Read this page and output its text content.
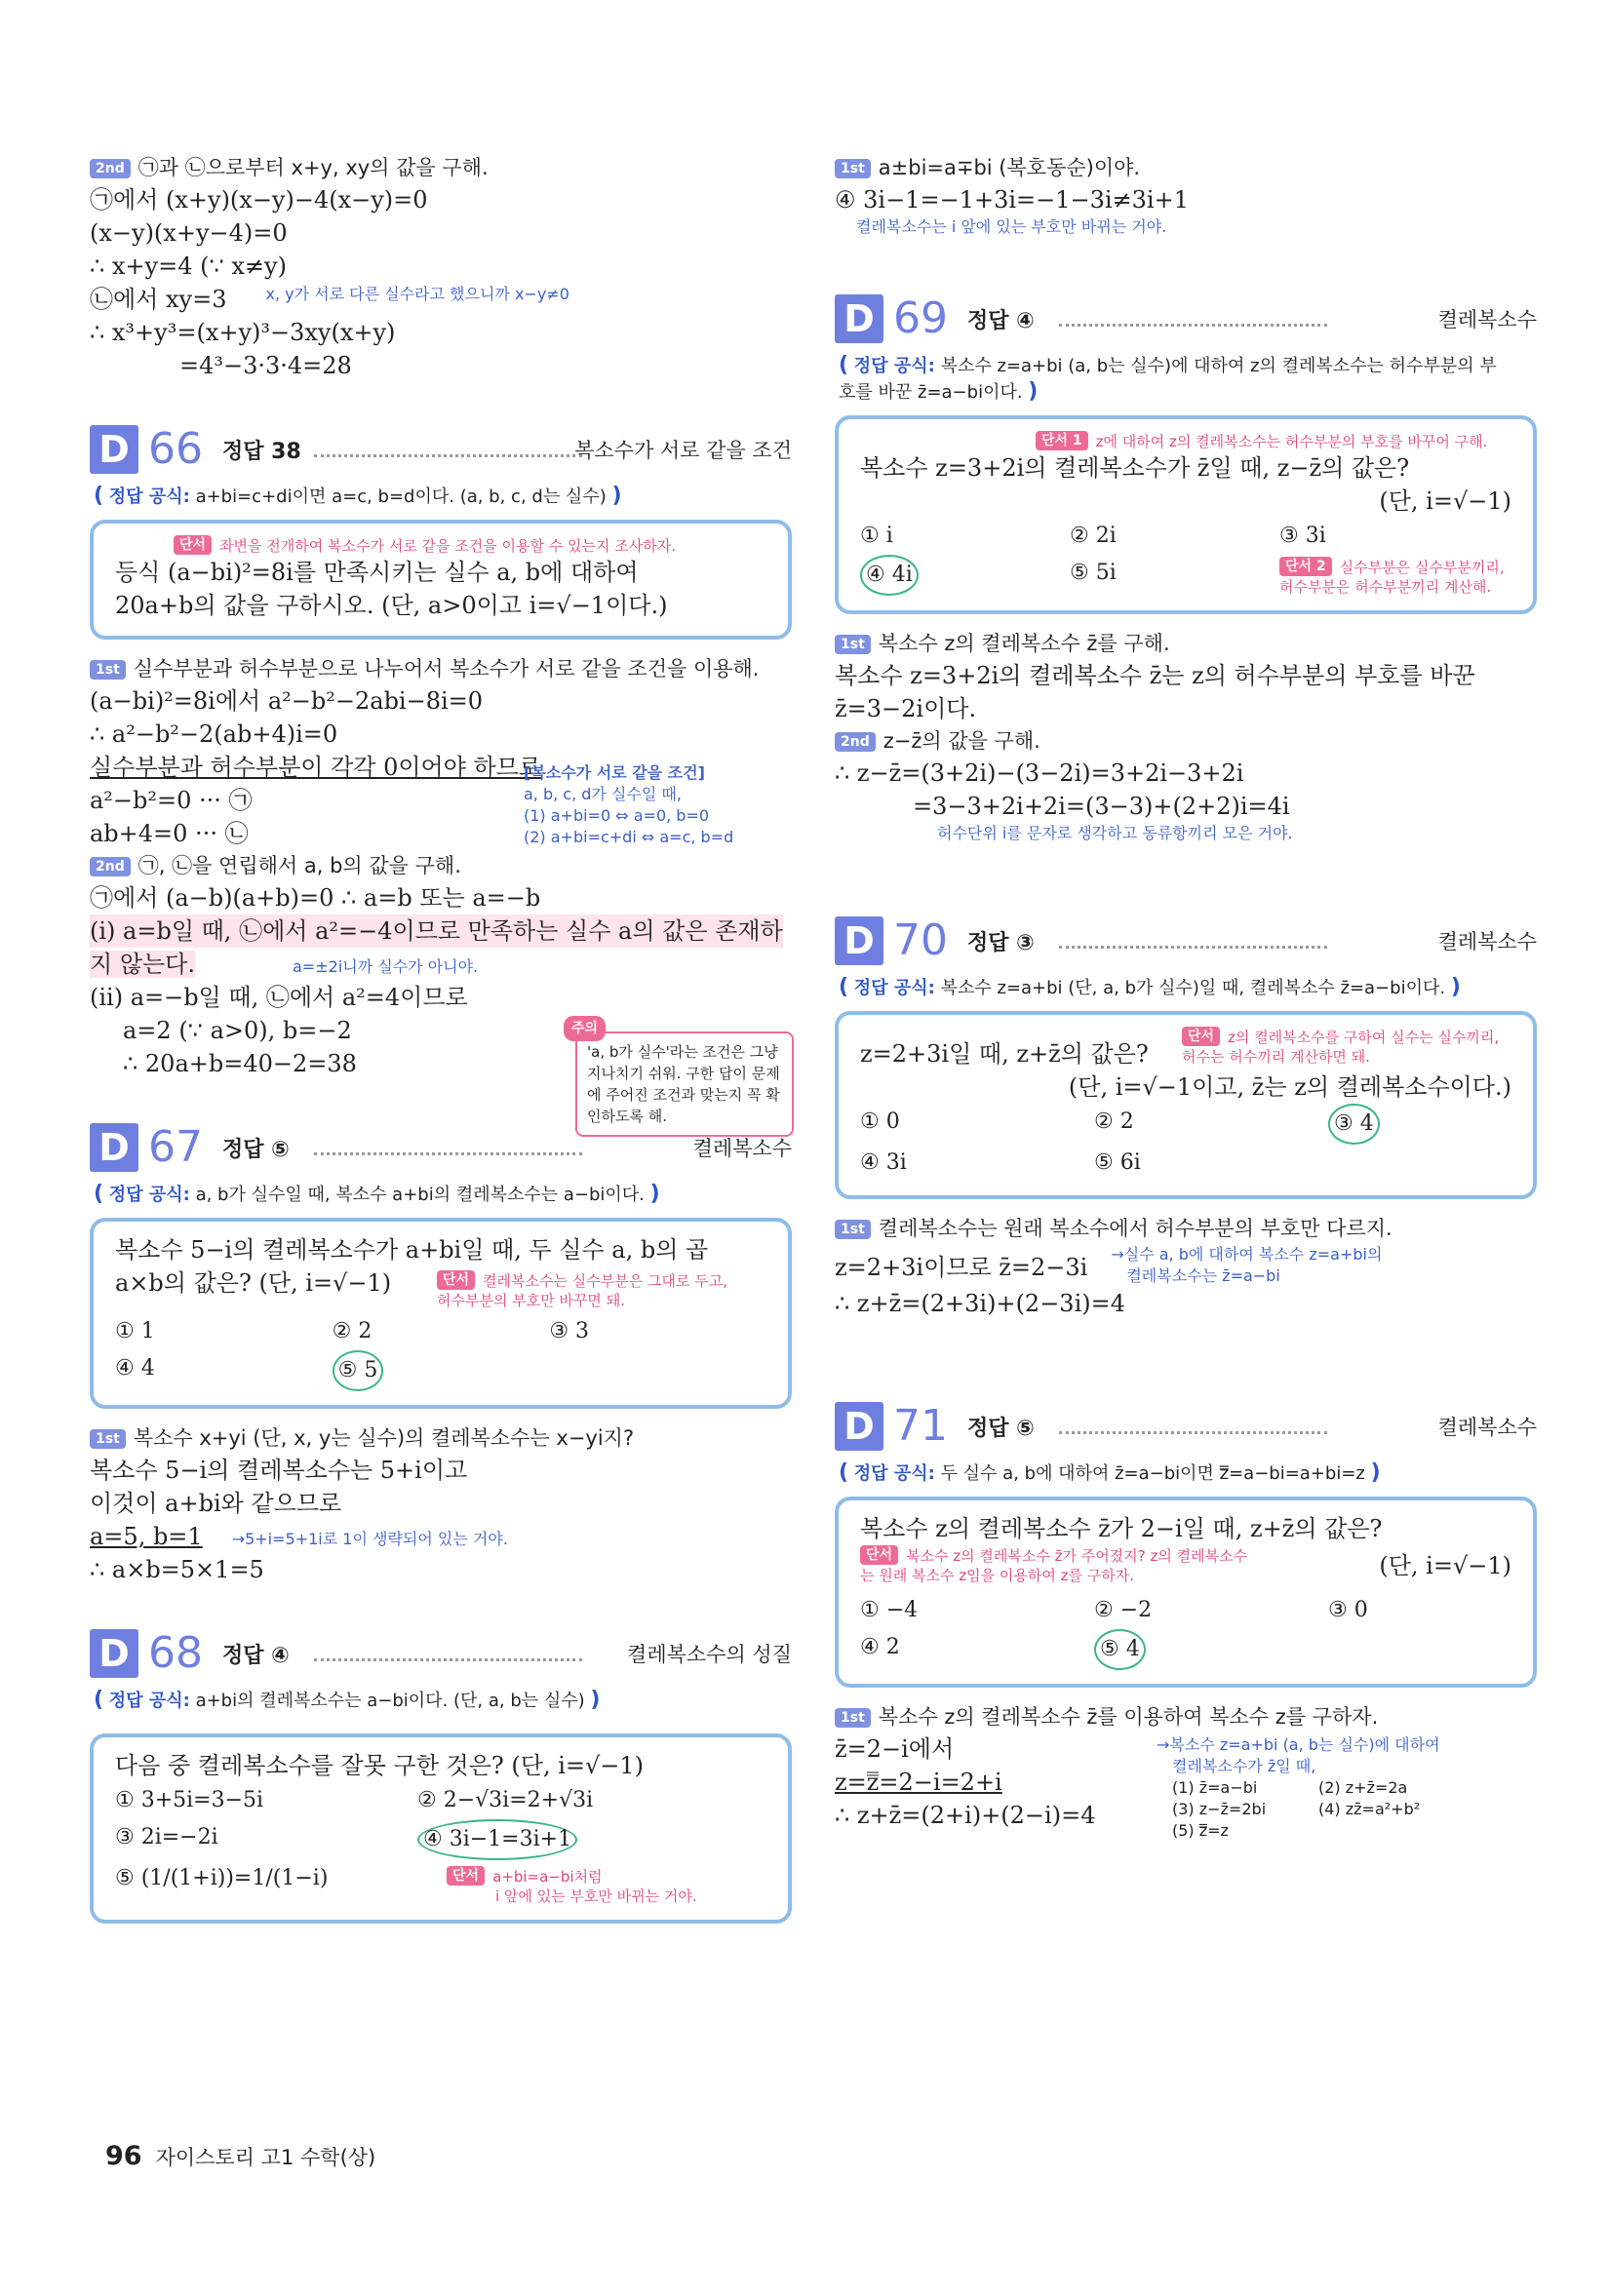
2nd ㉠과 ㉡으로부터 x+y, xy의 값을 구해.
㉠에서 (x+y)(x−y)−4(x−y)=0
(x−y)(x+y−4)=0
∴ x+y=4 (∵ x≠y)
㉡에서 xy=3	$^{x, y가 서로 다른 실수라고 했으니까 x-y\ne 0}$
∴ x³+y³=(x+y)³−3xy(x+y)
=4³−3·3·4=28
D 66 정답 38	복소수가 서로 같을 조건
( 정답 공식: a+bi=c+di이면 a=c, b=d이다. (a, b, c, d는 실수) )
단서 좌변을 전개하여 복소수가 서로 같을 조건을 이용할 수 있는지 조사하자.
등식 (a−bi)²=8i를 만족시키는 실수 a, b에 대하여
20a+b의 값을 구하시오. (단, a>0이고 i=√−1이다.)
1st 실수부분과 허수부분으로 나누어서 복소수가 서로 같을 조건을 이용해.
(a−bi)²=8i에서 a²−b²−2abi−8i=0
∴ a²−b²−2(ab+4)i=0
실수부분과 허수부분이 각각 0이어야 하므로
a²−b²=0 ··· ㉠
ab+4=0 ··· ㉡
[복소수가 서로 같을 조건]
a, b, c, d가 실수일 때,
(1) a+bi=0 ⇔ a=0, b=0
(2) a+bi=c+di ⇔ a=c, b=d
2nd ㉠, ㉡을 연립해서 a, b의 값을 구해.
㉠에서 (a−b)(a+b)=0 ∴ a=b 또는 a=−b
(i) a=b일 때, ㉡에서 a²=−4이므로 만족하는 실수 a의 값은 존재하
지 않는다.	a=±2i니까 실수가 아니야.
(ii) a=−b일 때, ㉡에서 a²=4이므로
a=2 (∵ a>0), b=−2
∴ 20a+b=40−2=38
주의
'a, b가 실수'라는 조건은 그냥 지나치기 쉬워. 구한 답이 문제에 주어진 조건과 맞는지 꼭 확인하도록 해.
D 67 정답 ⑤	켤레복소수
( 정답 공식: a, b가 실수일 때, 복소수 a+bi의 켤레복소수는 a−bi이다. )
복소수 5−i의 켤레복소수가 a+bi일 때, 두 실수 a, b의 곱
a×b의 값은? (단, i=√−1)	단서 켤레복소수는 실수부분은 그대로 두고, 허수부분의 부호만 바꾸면 돼.
① 1	② 2	③ 3
④ 4	⑤ 5
1st 복소수 x+yi (단, x, y는 실수)의 켤레복소수는 x−yi지?
복소수 5−i의 켤레복소수는 5+i이고
이것이 a+bi와 같으므로
a=5, b=1 →5+i=5+1i로 1이 생략되어 있는 거야.
∴ a×b=5×1=5
D 68 정답 ④	켤레복소수의 성질
( 정답 공식: a+bi의 켤레복소수는 a−bi이다. (단, a, b는 실수) )
다음 중 켤레복소수를 잘못 구한 것은? (단, i=√−1)
① 3+5i=3−5i	② 2−√3i=2+√3i
③ 2i=−2i	④ 3i−1=3i+1
⑤ (1/(1+i))=1/(1−i)	단서 a+bi=a−bi처럼
i 앞에 있는 부호만 바뀌는 거야.
1st a±bi=a∓bi (복호동순)이야.
④ 3i−1=−1+3i=−1−3i≠3i+1
켤레복소수는 i 앞에 있는 부호만 바뀌는 거야.
D 69 정답 ④	켤레복소수
( 정답 공식: 복소수 z=a+bi (a, b는 실수)에 대하여 z의 켤레복소수는 허수부분의 부호를 바꾼 z̄=a−bi이다. )
단서 1 z에 대하여 z의 켤레복소수는 허수부분의 부호를 바꾸어 구해.
복소수 z=3+2i의 켤레복소수가 z̄일 때, z−z̄의 값은?
(단, i=√−1)
① i	② 2i	③ 3i
④ 4i	⑤ 5i	단서 2 실수부분은 실수부분끼리, 허수부분은 허수부분끼리 계산해.
1st 복소수 z의 켤레복소수 z̄를 구해.
복소수 z=3+2i의 켤레복소수 z̄는 z의 허수부분의 부호를 바꾼
z̄=3−2i이다.
2nd z−z̄의 값을 구해.
∴ z−z̄=(3+2i)−(3−2i)=3+2i−3+2i
=3−3+2i+2i=(3−3)+(2+2)i=4i
허수단위 i를 문자로 생각하고 동류항끼리 모은 거야.
D 70 정답 ③	켤레복소수
( 정답 공식: 복소수 z=a+bi (단, a, b가 실수)일 때, 켤레복소수 z̄=a−bi이다. )
단서 z의 켤레복소수를 구하여 실수는 실수끼리, 허수는 허수끼리 계산하면 돼.
z=2+3i일 때, z+z̄의 값은?
(단, i=√−1이고, z̄는 z의 켤레복소수이다.)
① 0	② 2	③ 4
④ 3i	⑤ 6i
1st 켤레복소수는 원래 복소수에서 허수부분의 부호만 다르지.
z=2+3i이므로 z̄=2−3i →실수 a, b에 대하여 복소수 z=a+bi의
켤레복소수는 z̄=a−bi
∴ z+z̄=(2+3i)+(2−3i)=4
D 71 정답 ⑤	켤레복소수
( 정답 공식: 두 실수 a, b에 대하여 z̄=a−bi이면 z̿=a−bi=a+bi=z )
복소수 z의 켤레복소수 z̄가 2−i일 때, z+z̄의 값은?
단서 복소수 z의 켤레복소수 z̄가 주어졌지? z의 켤레복소수는 원래 복소수 z임을 이용하여 z를 구하자.	(단, i=√−1)
① −4	② −2	③ 0
④ 2	⑤ 4
1st 복소수 z의 켤레복소수 z̄를 이용하여 복소수 z를 구하자.
z̄=2−i에서
z=z̿=2−i=2+i
∴ z+z̄=(2+i)+(2−i)=4
→복소수 z=a+bi (a, b는 실수)에 대하여
켤레복소수가 z̄일 때,
(1) z̄=a−bi	(2) z+z̄=2a
(3) z−z̄=2bi	(4) zz̄=a²+b²
(5) z̿=z
96 자이스토리 고1 수학(상)
